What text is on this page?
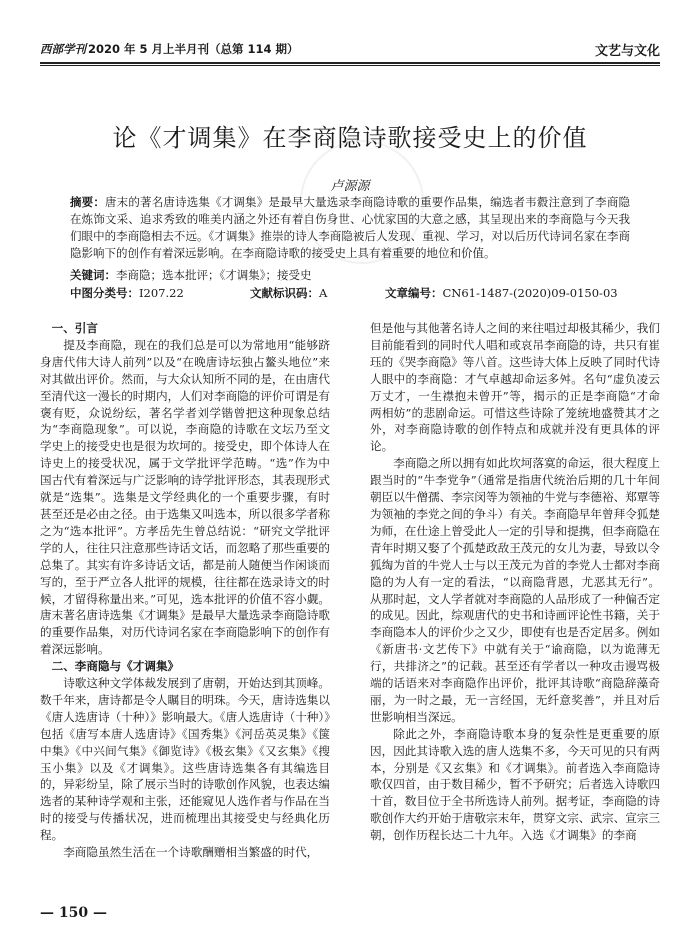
西部学刊 2020 年 5 月上半月刊（总第 114 期）	文艺与文化
论《才调集》在李商隐诗歌接受史上的价值
卢源源
摘要：唐末的著名唐诗选集《才调集》是最早大量选录李商隐诗歌的重要作品集，编选者韦縠注意到了李商隐在炼饰文采、追求秀致的唯美内涵之外还有着自伤身世、心忧家国的大意之感，其呈现出来的李商隐与今天我们眼中的李商隐相去不远。《才调集》推崇的诗人李商隐被后人发现、重视、学习，对以后历代诗词名家在李商隐影响下的创作有着深远影响。在李商隐诗歌的接受史上具有着重要的地位和价值。
关键词：李商隐；选本批评；《才调集》；接受史
中图分类号：I207.22	文献标识码：A	文章编号：CN61-1487-(2020)09-0150-03
一、引言

提及李商隐，现在的我们总是可以为常地用“能够跻身唐代伟大诗人前列”以及“在晚唐诗坛独占鳌头地位”来对其做出评价。然而，与大众认知所不同的是，在由唐代至清代这一漫长的时期内，人们对李商隐的评价可谓是有褒有贬，众说纷纭，著名学者刘学锴曾把这种现象总结为“李商隐现象”。可以说，李商隐的诗歌在文坛乃至文学史上的接受史也是很为坎坷的。接受史，即个体诗人在诗史上的接受状况，属于文学批评学范畴。“选”作为中国古代有着深远与广泛影响的诗学批评形态，其表现形式就是“选集”。选集是文学经典化的一个重要步骤，有时甚至还是必由之径。由于选集又叫选本，所以很多学者称之为“选本批评”。方孝岳先生曾总结说：“研究文学批评学的人，往往只注意那些诗话文话，而忽略了那些重要的总集了。其实有许多诗话文话，都是前人随便当作闲谈而写的，至于严立各人批评的规模，往往都在选录诗文的时候，才留得称量出来。”可见，选本批评的价值不容小觑。唐末著名唐诗选集《才调集》是最早大量选录李商隐诗歌的重要作品集，对历代诗词名家在李商隐影响下的创作有着深远影响。

二、李商隐与《才调集》

诗歌这种文学体裁发展到了唐朝，开始达到其顶峰。数千年来，唐诗都是令人瞩目的明珠。今天，唐诗选集以《唐人选唐诗（十种）》影响最大。《唐人选唐诗（十种）》包括《唐写本唐人选唐诗》《国秀集》《河岳英灵集》《箧中集》《中兴间气集》《御览诗》《极玄集》《又玄集》《搜玉小集》以及《才调集》。这些唐诗选集各有其编选目的，异彩纷呈，除了展示当时的诗歌创作风貌，也表达编选者的某种诗学观和主张，还能窥见人选作者与作品在当时的接受与传播状况，进而梳理出其接受史与经典化历程。

李商隐虽然生活在一个诗歌酬赠相当繁盛的时代，

但是他与其他著名诗人之间的来往唱过却极其稀少，我们目前能看到的同时代人唱和或哀吊李商隐的诗，共只有崔珏的《哭李商隐》等八首。这些诗大体上反映了同时代诗人眼中的李商隐：才气卓越却命运多舛。名句“虚负凌云万丈才，一生襟抱未曾开”等，揭示的正是李商隐“才命两相妨”的悲剧命运。可惜这些诗除了笼统地盛赞其才之外，对李商隐诗歌的创作特点和成就并没有更具体的评论。

李商隐之所以拥有如此坎坷落寞的命运，很大程度上跟当时的“牛李党争”（通常是指唐代统治后期的几十年间朝臣以牛僧孺、李宗闵等为领袖的牛党与李德裕、郑覃等为领袖的李党之间的争斗）有关。李商隐早年曾拜令狐楚为师，在仕途上曾受此人一定的引导和提携，但李商隐在青年时期又娶了个孤楚政敌王茂元的女儿为妻，导致以令狐绹为首的牛党人士与以王茂元为首的李党人士都对李商隐的为人有一定的看法，“以商隐背恩，尤恶其无行”。从那时起，文人学者就对李商隐的人品形成了一种偏否定的成见。因此，综观唐代的史书和诗画评论性书籍，关于李商隐本人的评价少之又少，即使有也是否定居多。例如《新唐书·文艺传下》中就有关于“谕商隐，以为诡薄无行，共排济之”的记载。甚至还有学者以一种攻击谩骂极端的话语来对李商隐作出评价，批评其诗歌“商隐辞藻奇丽，为一时之最，无一言经国，无纤意奖善”，并且对后世影响相当深远。

除此之外，李商隐诗歌本身的复杂性是更重要的原因，因此其诗歌入选的唐人选集不多，今天可见的只有两本，分别是《又玄集》和《才调集》。前者选入李商隐诗歌仅四首，由于数目稀少，暂不予研究；后者选入诗歌四十首，数目位于全书所选诗人前列。据考证，李商隐的诗歌创作大约开始于唐敬宗末年，贯穿文宗、武宗、宣宗三朝，创作历程长达二十九年。入选《才调集》的李商

— 150 —
